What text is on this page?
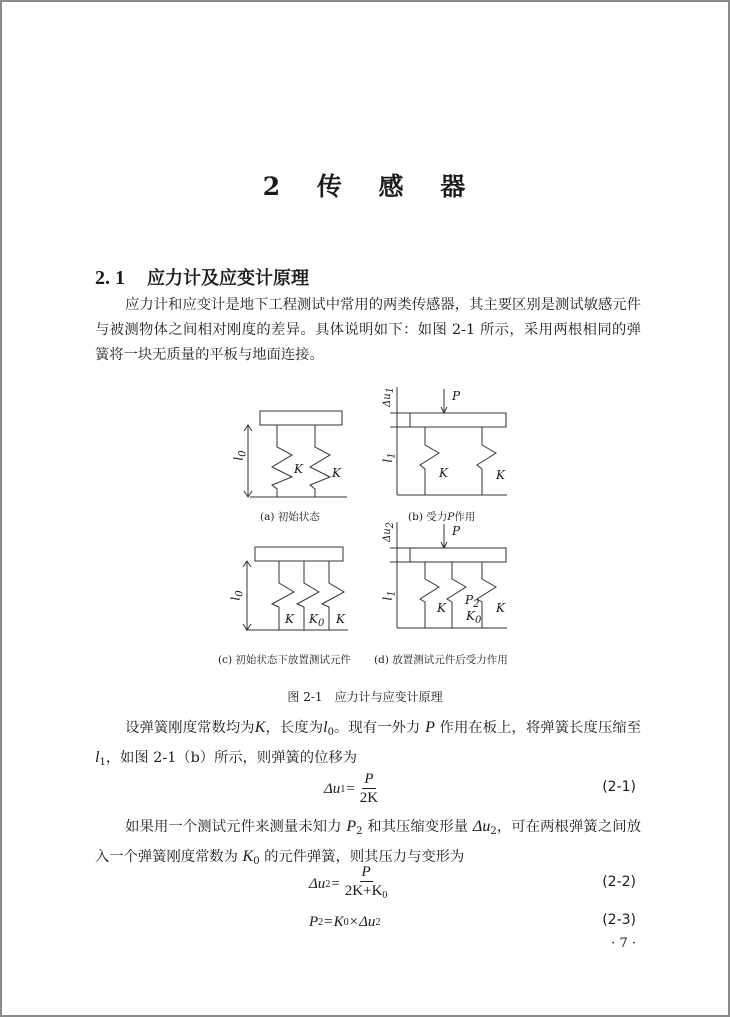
2 传 感 器
2. 1 应力计及应变计原理

应力计和应变计是地下工程测试中常用的两类传感器，其主要区别是测试敏感元件与被测物体之间相对刚度的差异。具体说明如下：如图 2-1 所示，采用两根相同的弹簧将一块无质量的平板与地面连接。

$l_0$
K K
(a) 初始状态
$\Delta u_1$	P
$l_1$
K	K
(b) 受力P作用
$l_0$
K $K_0$ K
(c) 初始状态下放置测试元件
$\Delta u_2$	P
$l_1$
K
$P_2$
$K_0$
K
(d) 放置测试元件后受力作用
图 2-1 应力计与应变计原理

设弹簧刚度常数均为K，长度为$l_0$。现有一外力 P 作用在板上，将弹簧长度压缩至$l_1$，如图 2-1（b）所示，则弹簧的位移为

Δu $1 = \frac{P}{2K}$	(2-1)

如果用一个测试元件来测量未知力 $P_2$ 和其压缩变形量 $\Delta u_2$，可在两根弹簧之间放入一个弹簧刚度常数为 $K_0$ 的元件弹簧，则其压力与变形为

Δu $2 = \frac{P}{2K+K_0}$	(2-2)
P 2 = K 0 × Δu 2	(2-3)
· 7 ·
